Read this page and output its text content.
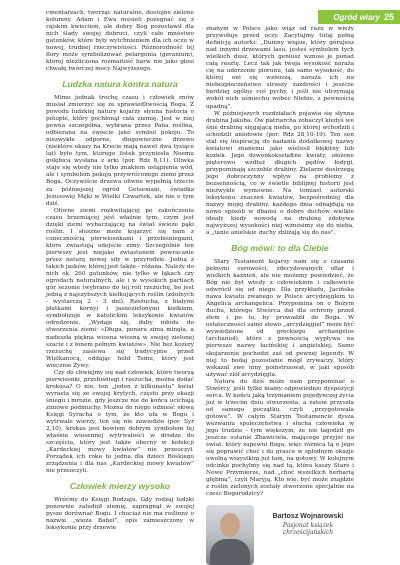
Ogród wiary 25

cmentarzach, tworząc naturalne, dostojne zielone kolumny. Adam i Ewa musieli pożegnać się z rajskim kwieciem, ale dobry Bóg pozostawił dla nich ślady swojej dobroci, czyli całe mnóstwo gatunków, które były wytchnieniem dla ich oczu w nowej, trudnej rzeczywistości. Różnorodność tej flory może symbolizować pelargonia (geranium), której niezliczona rozmaitość barw nie jako głosi chwałę twórczej mocy Najwyższego.

Ludzka natura kontra natura

Mimo jednak trochę czasu i człowiek znów musiał zmierzyć się ze sprawiedliwością Boga. Z powodu ludzkiej natury kojarzy słynna historia o potopie, który pochłonął cała ziemię. Jest w niej pewna szczegółna, wybrana przez Pana roślina, odbierana na świecie jako symbol pokoju. To niezwykłe odporne, długowieczne drzewo (niektóre okazy na Krecie mają nawet dwa tysiące lat) było tym, którego listek przyniosła Noemu gołębica wysłana z arki (por. Rdz 8,11). Oliwka staje się wtedy nie tylko znakiem ustąpienia wód, ale i symbolem pokoju przywróconego ziemi przez Boga. Oczywiście drzewa oliwne wypełnią trzecie za późniejszej ogród Getsemani, świadka Jezusowej Męki w Wielki Czwartek, ale nie o tym dziś.

Oliwne ziemi rozkwitającej po zakończeniu czasu brzemiącej jest właśnie tym, czym jest dzięki ziemi wybaczającej na świat świeże pąki roślin. I słuszne może kojarzyć się nam z conecznością pierwiosnkami i przebiśniegami, które zwiastują odejście zimy. Szczególnie ten pierwszy jest niejako zwiastunem powracanie przez naturę nowej siły w przyrodzie. Jedną z takich jasków, której jest także - różana. Należy do nich ok. 260 gatunków, nie tylko w łąkach czy ogrodach naturalnych, ale i w wysokich partiach gór sezonie (wybrano do tej roli rzeżuchę, bo jest jedną z najszybszych kiełkujących roślin (zdolnych - wystarczą 2 - 3 dni). Rzeżucha, z białymi płatkami kornyi i jasnozielonymi kiełkiem, symbolizuje w katolickim leksykonie kwiatów odrodzenie. „Wydaje się, iłuby młodu do stworzenia ziemi: «Długa, ponura zima minęła, a nadeszła piękna wiosna wiosną w swojej zielonej szacie i z łonem pełnym kwiatów». Nie bez kozery rzeżuchę zasiewa się tradycyjnie przed Wielkanocą, oddając hołd Temu, który jest wiecznie Żywy.

Czy do chwiejmy się nad człowiek, które tworzą pierwiosnki, przebiśniegi i rzeżucha, można dodać krokusa? O nie, ten „jeden z kilkunastu” kwiat wyrasta się ze swojej krytych, często przy okazji śniegu i mrozie, gdy jeszcze nie do końca ucichają zimowe podmuchy. Można do niego odnieść słowa Księgi Syracha o tym, że kto ufa w Bogu i wytrwale wierzy, ten się nie zawiedzie (por. Syr 2,10), krokus jest bowiem dobrym symbolem tej właśnie wiosennej wytrwałości w drodze do szczęścia, który jest także obecny w kolekcji „Kardeckiej mowy kwiatów” nie przeoczył. Porządek ich roku to jedna dla dzieci Boskiego zrządzenia i dla nas „Kardeckiej mowy kwiatów” nie przeoczyli.

Człowiek mierzy wysoko

Wróćmy do Księgi Rodzaju. Gdy rodzaj ludzki ponownie zaludnił ziemię, zapragnął w swojej pysze dorównać Bogu. I chociaż nie ma roślinny o nazwie „wieża Babel”, opis zamieszczony w leksykonie przy drzewie

znanym w Polsce jako wiąz od razu w wieży przywołuje przed oczy. Zacytujmy tutaj pełną definicję autorki: „Dumny wiązie, który górujesz nad innymi drzewami lasu, jesteś symbolem tych wielkich dusz, których geniusz wznosi je ponad całą resztę. Lecz tak jak twoja wysokość naraża cię na uderzenie piorunu, tak samo wysokość, do której oni się wznoszą, naraża ich na niebezpieczeństwo straszy zazdrości i jeszcze bardziej ogólny coś pychy, i jeśli nie utrzymają wokół nich uśmiechu wobec Niebie, z pewnością upadną”.

W późniejszych rozdziałach pojawia się słynna drabina Jakuba. Ów patriarcha zobaczył kiedyś we śnie drabinę sięgającą nieba, po której wchodzili i schodzili aniołowie (por. Rdz 28,10-19). Ten sen stał się inspiracją do nadania dodatkowej nazwy kwiatowi znanemu jako wielosił błękitny lub kozłek. Jego dzwonkokształtne kwiaty, ułożone pięterowo wzdłuż długich pędów łodygi, przypominają szczeble drabiny. Zielarze dostrzegą jego dobroczynny wpływ na problemy z bezsennością, co w świetle biblijnej historii jest niezwykle wymowne. Na tomiast autorski leksykonu znaczeń kwiatów, bezpośredniej dla nazwy mojej drabiny, każdego dnia odnajdują na nowo sposób w dbaniu o dobro duchów wielkie ideały kiedy nowodą na drabinę zdobywa najwyższej wysokości niej wznosimy się do nieba, a „tanie anielskie duchy zbliżają się do nas”.

Bóg mówi: to dla Ciebie

Stary Testament kojarzy nam się z czasami pełnymi surowości, zdecydowanych ofiar i wielkich kaznień, ale nie możemy powiedzieć, że Bóg nie był wtedy z człowiekiem i całkowicie odwrócił się od niego. Dla przykładu, Jacińska nawa kwiatu zwanego w Polsce arcydzięglem to Angelica archangelica. Przypomina on o Bożym duchu, którego Stwórca dał dla ochrony przed złem i po to, by prowadził do Boga. W ostateczności samo słowo „arcydzięgiel” może być wywiedzione od greckiego archangelos (archanioł), które z pewnością wypływa na pierwsze nazwy łacińskiej i angielskiej. Samo skojarzenie pochodzi zaś od pewnej legendy. W niej to bodaj pozostanie mógł zrywaczy, który wskazał swe inny poinstruował, w jaki sposób używać ziół arcydzięgla.

Natura do dziś może nam przypominać o Stwórcy, jeśli tylko mamy odpowiednio dyspozycji serca. W końcu jaką trzymaniem pojedynczej życia już w trzecim dniu stworzenia, a zatem przyszła od samego początku, czyli „przygotowała gotowe”. W całym Starym Testamencie dysza wezwaniu spoleczeństwa i słucha człowieka w jego trudzie - tym większym, że nie łagodził go jeszcze ustanie Zbawiciela, mającego przyjść na świat, który zapewni Boga, więc różnica tą o jego się poprawić choć i do grasce w spłodnym okazje uwolną wszystkim już tam, na gotowy. W kolejnym odcinku pochylmy się nad tą, która kaszy Stare i Nowe Przymierze, nad „choć wszelkich herbarią głębiną”, czyli Maryją. Kto wie, być może znajdzie z roślin zielonych zostały stworzone specjalnie na cześć Bogurodzicy?

Bartosz Wojnarowski
Pasjonat książek chrześcijańskich
